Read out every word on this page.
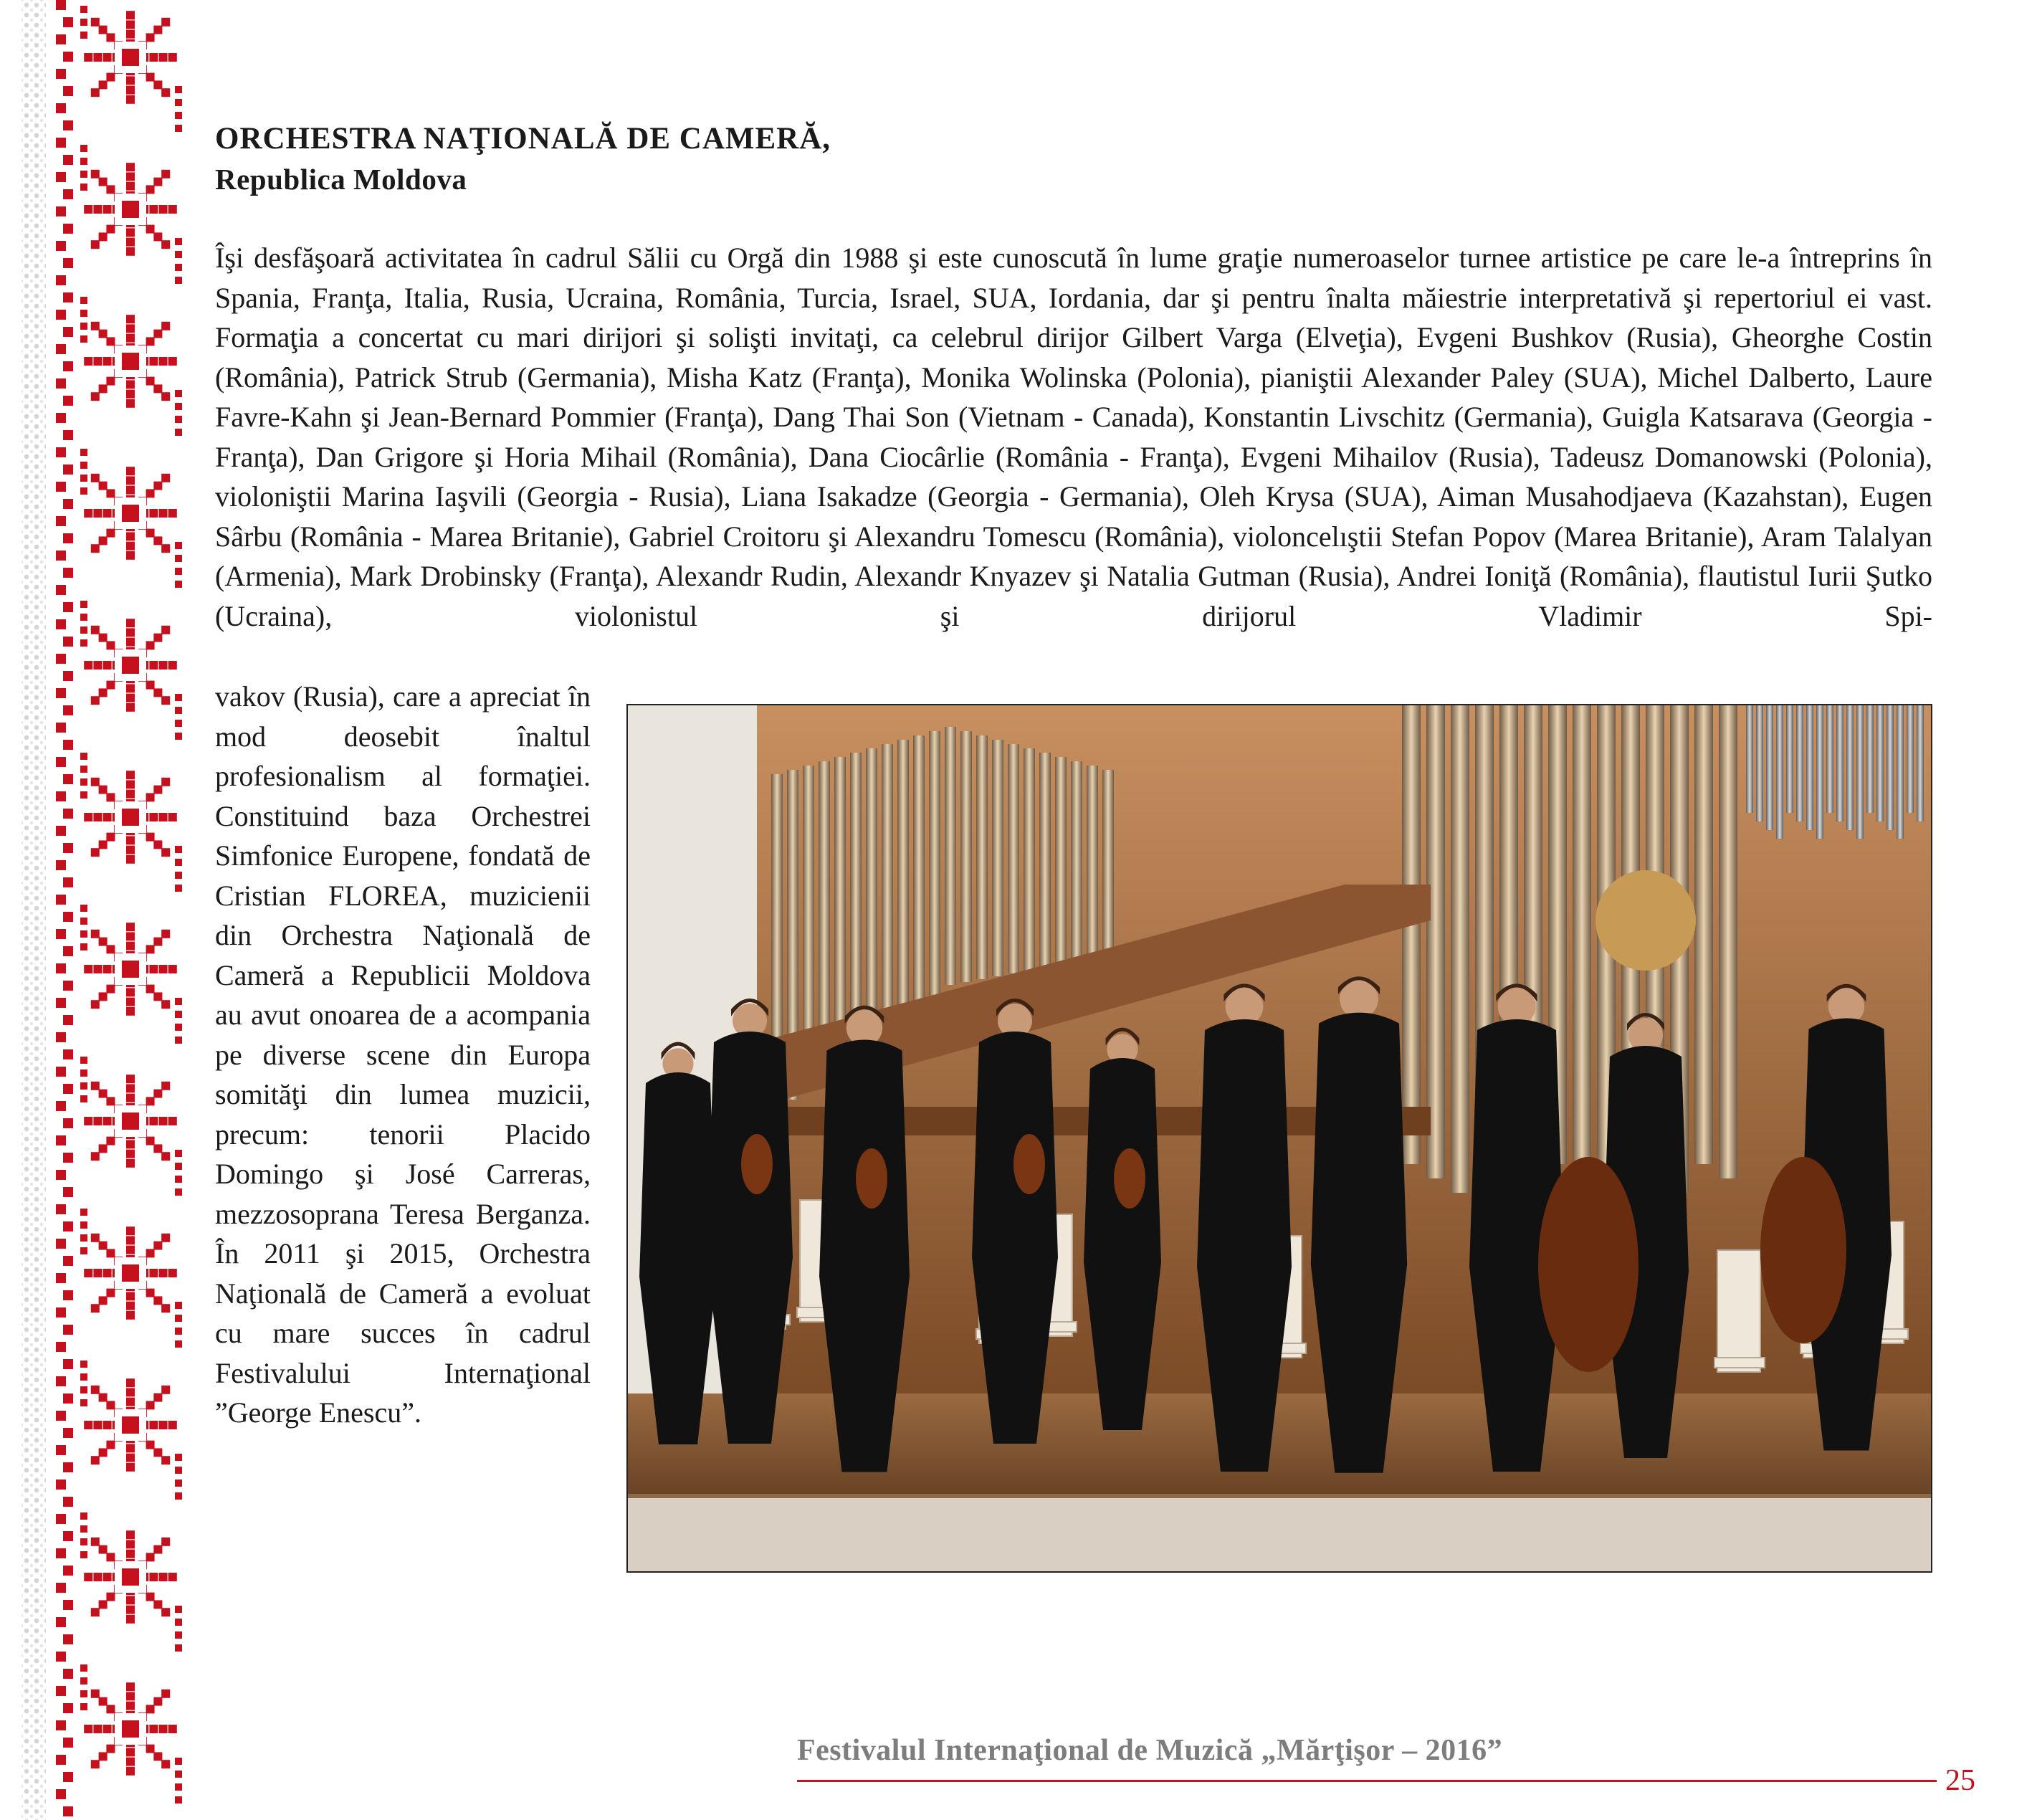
ORCHESTRA NAŢIONALĂ DE CAMERĂ,
Republica Moldova

Îşi desfăşoară activitatea în cadrul Sălii cu Orgă din 1988 şi este cunoscută în lume graţie numeroaselor turnee artistice pe care le-a întreprins în Spania, Franţa, Italia, Rusia, Ucraina, România, Turcia, Israel, SUA, Iordania, dar şi pentru înalta măiestrie interpretativă şi repertoriul ei vast. Formaţia a concertat cu mari dirijori şi solişti invitaţi, ca celebrul dirijor Gilbert Varga (Elveţia), Evgeni Bushkov (Rusia), Gheorghe Costin (România), Patrick Strub (Germania), Misha Katz (Franţa), Monika Wolinska (Polonia), pianiştii Alexander Paley (SUA), Michel Dalberto, Laure Favre-Kahn şi Jean-Bernard Pommier (Franţa), Dang Thai Son (Vietnam - Canada), Konstantin Livschitz (Germania), Guigla Katsarava (Georgia - Franţa), Dan Grigore şi Horia Mihail (România), Dana Ciocârlie (România - Franţa), Evgeni Mihailov (Rusia), Tadeusz Domanowski (Polonia), violoniştii Marina Iaşvili (Georgia - Rusia), Liana Isakadze (Georgia - Germania), Oleh Krysa (SUA), Aiman Musahodjaeva (Kazahstan), Eugen Sârbu (România - Marea Britanie), Gabriel Croitoru şi Alexandru Tomescu (România), violoncelıştii Stefan Popov (Marea Britanie), Aram Talalyan (Armenia), Mark Drobinsky (Franţa), Alexandr Rudin, Alexandr Knyazev şi Natalia Gutman (Rusia), Andrei Ioniţă (România), flautistul Iurii Şutko (Ucraina), violonistul şi dirijorul Vladimir Spi-

vakov (Rusia), care a apreciat în mod deosebit înaltul profesionalism al formaţiei. Constituind baza Orchestrei Simfonice Europene, fondată de Cristian FLOREA, muzicienii din Orchestra Naţională de Cameră a Republicii Moldova au avut onoarea de a acompania pe diverse scene din Europa somităţi din lumea muzicii, precum: tenorii Placido Domingo şi José Carreras, mezzosoprana Teresa Berganza. În 2011 şi 2015, Orchestra Naţională de Cameră a evoluat cu mare succes în cadrul Festivalului Internaţional ”George Enescu”.

Festivalul Internaţional de Muzică „Mărţişor – 2016”
25
